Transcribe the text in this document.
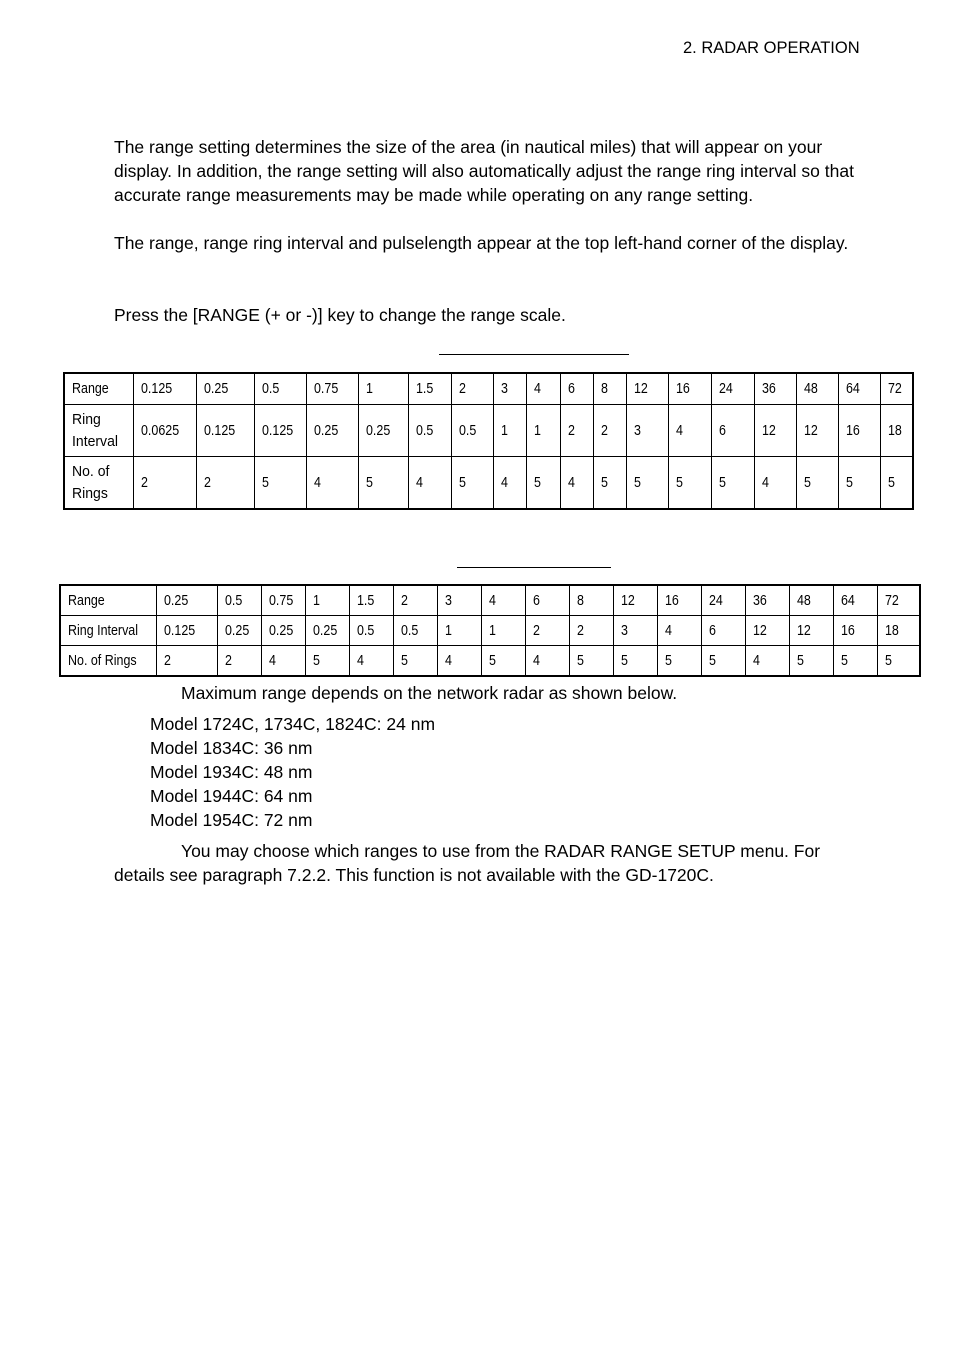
2. RADAR OPERATION

The range setting determines the size of the area (in nautical miles) that will appear on your display. In addition, the range setting will also automatically adjust the range ring interval so that accurate range measurements may be made while operating on any range setting.

The range, range ring interval and pulselength appear at the top left-hand corner of the display.

Press the [RANGE (+ or -)] key to change the range scale.

Range	0.125	0.25	0.5	0.75	1	1.5	2	3	4	6	8	12	16	24	36	48	64	72
Ring Interval	0.0625	0.125	0.125	0.25	0.25	0.5	0.5	1	1	2	2	3	4	6	12	12	16	18
No. of Rings	2	2	5	4	5	4	5	4	5	4	5	5	5	5	4	5	5	5
Range	0.25	0.5	0.75	1	1.5	2	3	4	6	8	12	16	24	36	48	64	72
Ring Interval	0.125	0.25	0.25	0.25	0.5	0.5	1	1	2	2	3	4	6	12	12	16	18
No. of Rings	2	2	4	5	4	5	4	5	4	5	5	5	5	4	5	5	5
Maximum range depends on the network radar as shown below.
Model 1724C, 1734C, 1824C: 24 nm
Model 1834C: 36 nm
Model 1934C: 48 nm
Model 1944C: 64 nm
Model 1954C: 72 nm

You may choose which ranges to use from the RADAR RANGE SETUP menu. For details see paragraph 7.2.2. This function is not available with the GD-1720C.
